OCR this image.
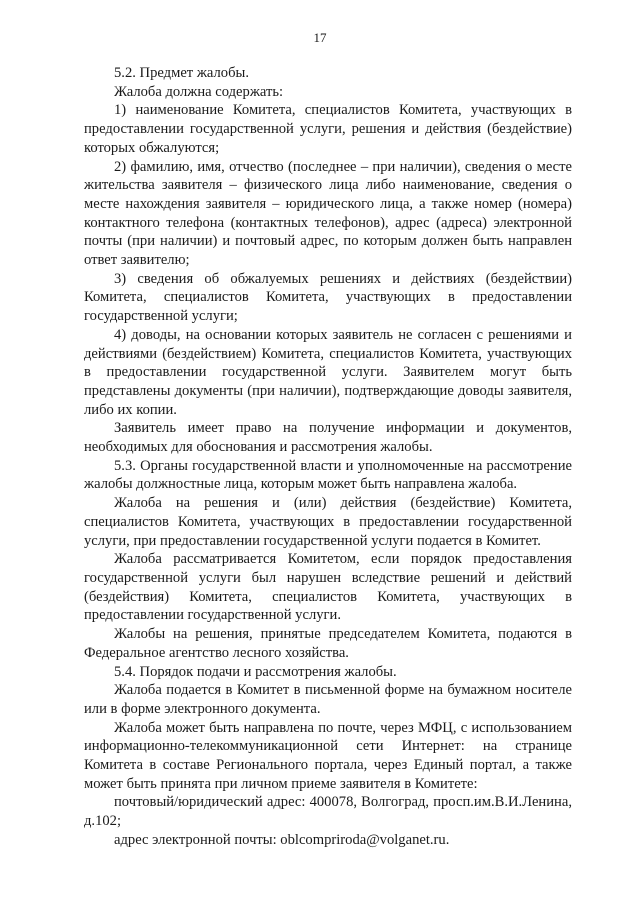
17

5.2. Предмет жалобы.

Жалоба должна содержать:

1) наименование Комитета, специалистов Комитета, участвующих в предоставлении государственной услуги, решения и действия (бездействие) которых обжалуются;

2) фамилию, имя, отчество (последнее – при наличии), сведения о месте жительства заявителя – физического лица либо наименование, сведения о месте нахождения заявителя – юридического лица, а также номер (номера) контактного телефона (контактных телефонов), адрес (адреса) электронной почты (при наличии) и почтовый адрес, по которым должен быть направлен ответ заявителю;

3) сведения об обжалуемых решениях и действиях (бездействии) Комитета, специалистов Комитета, участвующих в предоставлении государственной услуги;

4) доводы, на основании которых заявитель не согласен с решениями и действиями (бездействием) Комитета, специалистов Комитета, участвующих в предоставлении государственной услуги. Заявителем могут быть представлены документы (при наличии), подтверждающие доводы заявителя, либо их копии.

Заявитель имеет право на получение информации и документов, необходимых для обоснования и рассмотрения жалобы.

5.3. Органы государственной власти и уполномоченные на рассмотрение жалобы должностные лица, которым может быть направлена жалоба.

Жалоба на решения и (или) действия (бездействие) Комитета, специалистов Комитета, участвующих в предоставлении государственной услуги, при предоставлении государственной услуги подается в Комитет.

Жалоба рассматривается Комитетом, если порядок предоставления государственной услуги был нарушен вследствие решений и действий (бездействия) Комитета, специалистов Комитета, участвующих в предоставлении государственной услуги.

Жалобы на решения, принятые председателем Комитета, подаются в Федеральное агентство лесного хозяйства.

5.4. Порядок подачи и рассмотрения жалобы.

Жалоба подается в Комитет в письменной форме на бумажном носителе или в форме электронного документа.

Жалоба может быть направлена по почте, через МФЦ, с использованием информационно-телекоммуникационной сети Интернет: на странице Комитета в составе Регионального портала, через Единый портал, а также может быть принята при личном приеме заявителя в Комитете:

почтовый/юридический адрес: 400078, Волгоград, просп.им.В.И.Ленина, д.102;

адрес электронной почты: oblcompriroda@volganet.ru.
